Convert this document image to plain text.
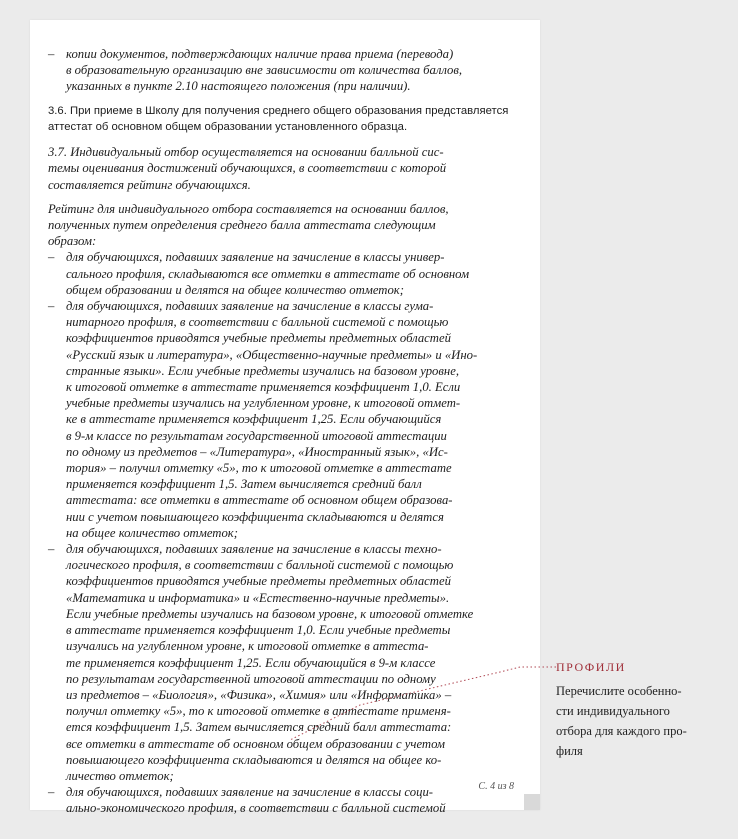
– копии документов, подтверждающих наличие права приема (перевода)
в образовательную организацию вне зависимости от количества баллов,
указанных в пункте 2.10 настоящего положения (при наличии).
3.6. При приеме в Школу для получения среднего общего образования представляется
аттестат об основном общем образовании установленного образца.
3.7. Индивидуальный отбор осуществляется на основании балльной сис-
темы оценивания достижений обучающихся, в соответствии с которой
составляется рейтинг обучающихся.
Рейтинг для индивидуального отбора составляется на основании баллов,
полученных путем определения среднего балла аттестата следующим
образом:
– для обучающихся, подавших заявление на зачисление в классы универ-
сального профиля, складываются все отметки в аттестате об основном
общем образовании и делятся на общее количество отметок;
– для обучающихся, подавших заявление на зачисление в классы гума-
нитарного профиля, в соответствии с балльной системой с помощью
коэффициентов приводятся учебные предметы предметных областей
«Русский язык и литература», «Общественно-научные предметы» и «Ино-
странные языки». Если учебные предметы изучались на базовом уровне,
к итоговой отметке в аттестате применяется коэффициент 1,0. Если
учебные предметы изучались на углубленном уровне, к итоговой отмет-
ке в аттестате применяется коэффициент 1,25. Если обучающийся
в 9-м классе по результатам государственной итоговой аттестации
по одному из предметов – «Литература», «Иностранный язык», «Ис-
тория» – получил отметку «5», то к итоговой отметке в аттестате
применяется коэффициент 1,5. Затем вычисляется средний балл
аттестата: все отметки в аттестате об основном общем образова-
нии с учетом повышающего коэффициента складываются и делятся
на общее количество отметок;
– для обучающихся, подавших заявление на зачисление в классы техно-
логического профиля, в соответствии с балльной системой с помощью
коэффициентов приводятся учебные предметы предметных областей
«Математика и информатика» и «Естественно-научные предметы».
Если учебные предметы изучались на базовом уровне, к итоговой отметке
в аттестате применяется коэффициент 1,0. Если учебные предметы
изучались на углубленном уровне, к итоговой отметке в аттеста-
те применяется коэффициент 1,25. Если обучающийся в 9-м классе
по результатам государственной итоговой аттестации по одному
из предметов – «Биология», «Физика», «Химия» или «Информатика» –
получил отметку «5», то к итоговой отметке в аттестате применя-
ется коэффициент 1,5. Затем вычисляется средний балл аттестата:
все отметки в аттестате об основном общем образовании с учетом
повышающего коэффициента складываются и делятся на общее ко-
личество отметок;
– для обучающихся, подавших заявление на зачисление в классы соци-
ально-экономического профиля, в соответствии с балльной системой
С. 4 из 8
ПРОФИЛИ
Перечислите особенно-
сти индивидуального
отбора для каждого про-
филя
